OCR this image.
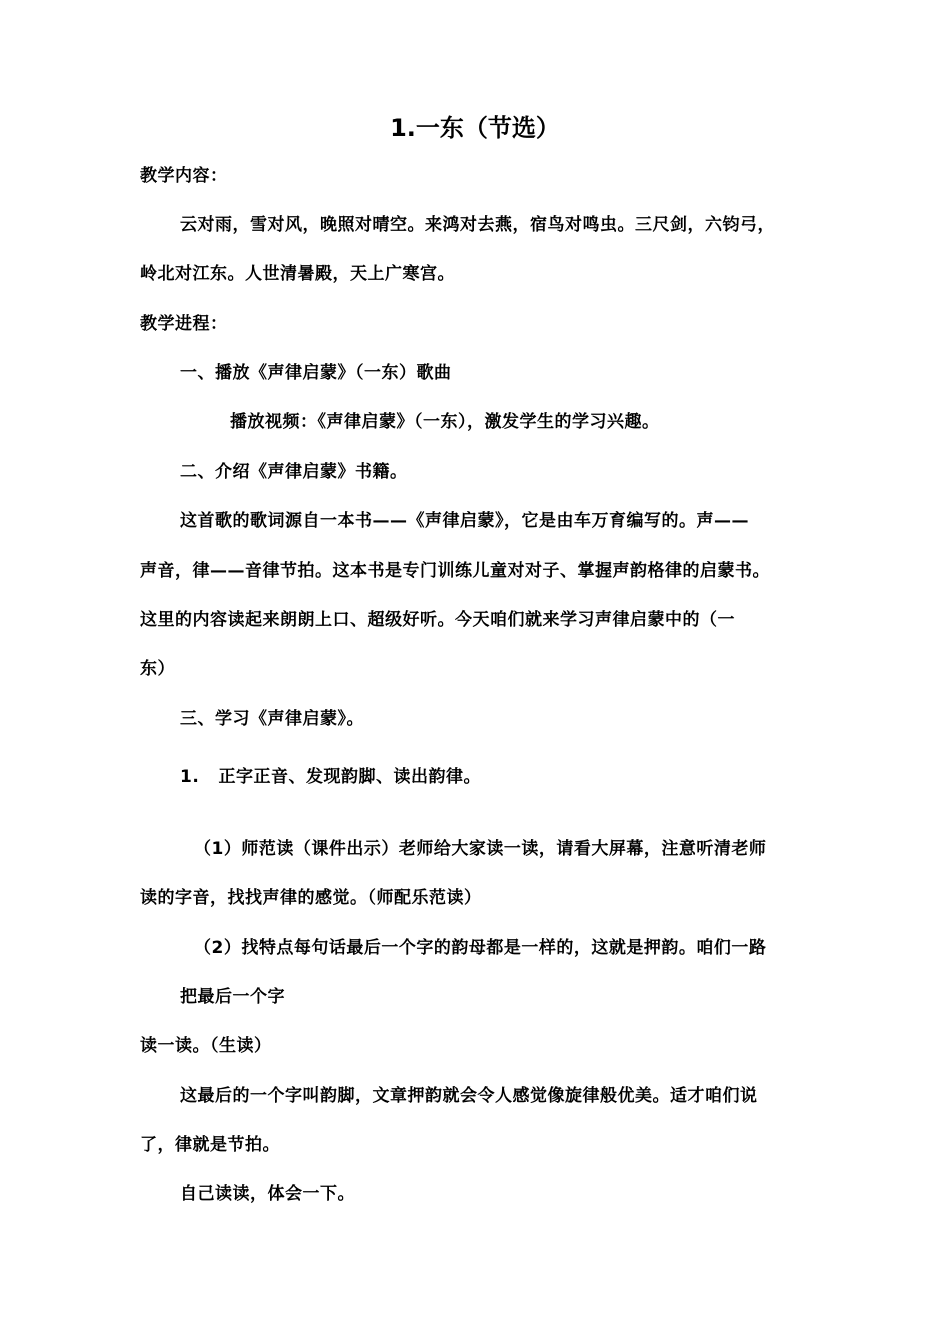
1.一东（节选）
教学内容：
云对雨，雪对风，晚照对晴空。来鸿对去燕，宿鸟对鸣虫。三尺剑，六钧弓，
岭北对江东。人世清暑殿，天上广寒宫。
教学进程：
一、播放《声律启蒙》（一东）歌曲
播放视频：《声律启蒙》（一东），激发学生的学习兴趣。
二、介绍《声律启蒙》书籍。
这首歌的歌词源自一本书——《声律启蒙》，它是由车万育编写的。声——
声音，律——音律节拍。这本书是专门训练儿童对对子、掌握声韵格律的启蒙书。
这里的内容读起来朗朗上口、超级好听。今天咱们就来学习声律启蒙中的（一
东）
三、学习《声律启蒙》。
1.   正字正音、发现韵脚、读出韵律。
（1）师范读（课件出示）老师给大家读一读，请看大屏幕，注意听清老师
读的字音，找找声律的感觉。（师配乐范读）
（2）找特点每句话最后一个字的韵母都是一样的，这就是押韵。咱们一路
把最后一个字
读一读。（生读）
这最后的一个字叫韵脚，文章押韵就会令人感觉像旋律般优美。适才咱们说
了，律就是节拍。
自己读读，体会一下。
